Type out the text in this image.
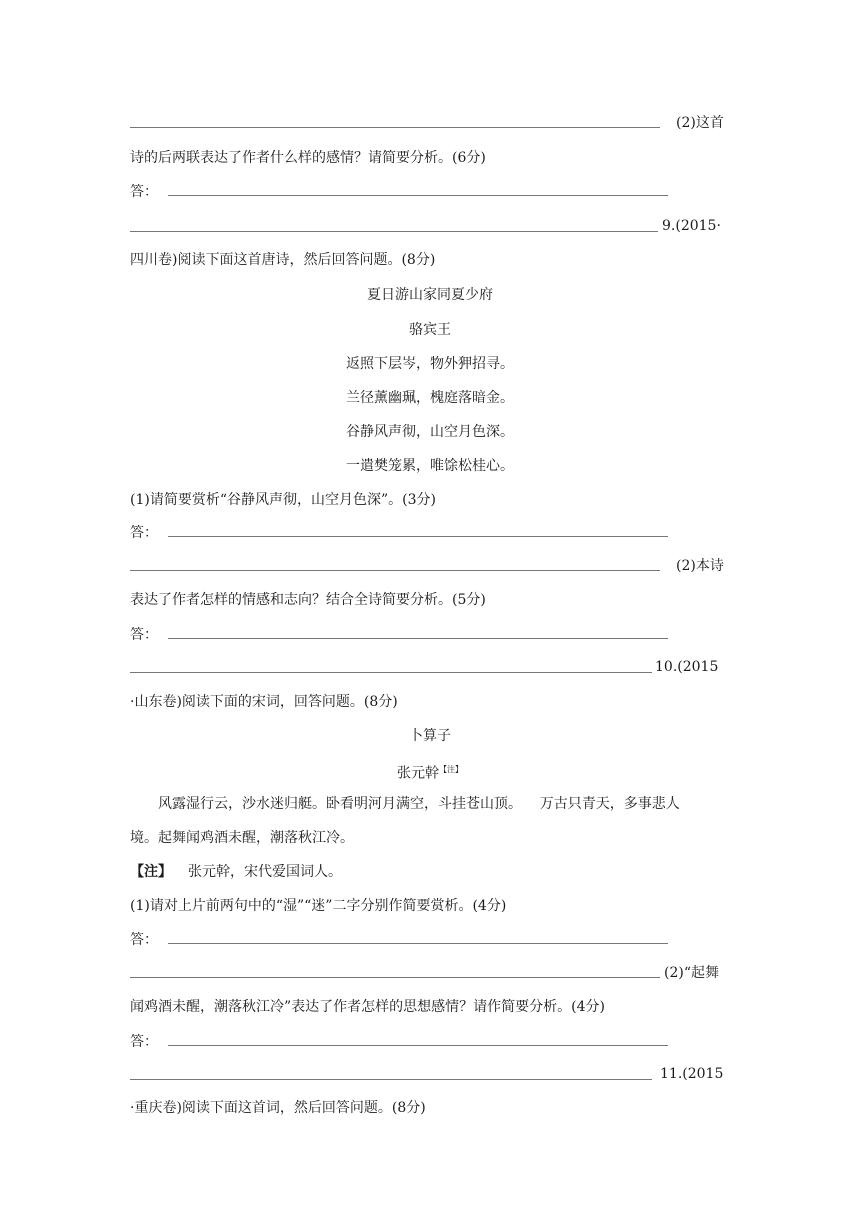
(2)这首
诗的后两联表达了作者什么样的感情？请简要分析。(6分)
答：
9.(2015·
四川卷)阅读下面这首唐诗，然后回答问题。(8分)
夏日游山家同夏少府
骆宾王
返照下层岑，物外狎招寻。
兰径薰幽珮，槐庭落暗金。
谷静风声彻，山空月色深。
一遣樊笼累，唯馀松桂心。
(1)请简要赏析“谷静风声彻，山空月色深”。(3分)
答：
(2)本诗
表达了作者怎样的情感和志向？结合全诗简要分析。(5分)
答：
10.(2015
·山东卷)阅读下面的宋词，回答问题。(8分)
卜算子
张元幹$^{【注】}$
风露湿行云，沙水迷归艇。卧看明河月满空，斗挂苍山顶。    万古只青天，多事悲人
境。起舞闻鸡酒未醒，潮落秋江冷。
【注】 张元幹，宋代爱国词人。
(1)请对上片前两句中的“湿”“迷”二字分别作简要赏析。(4分)
答：
(2)“起舞
闻鸡酒未醒，潮落秋江冷”表达了作者怎样的思想感情？请作简要分析。(4分)
答：
11.(2015
·重庆卷)阅读下面这首词，然后回答问题。(8分)
